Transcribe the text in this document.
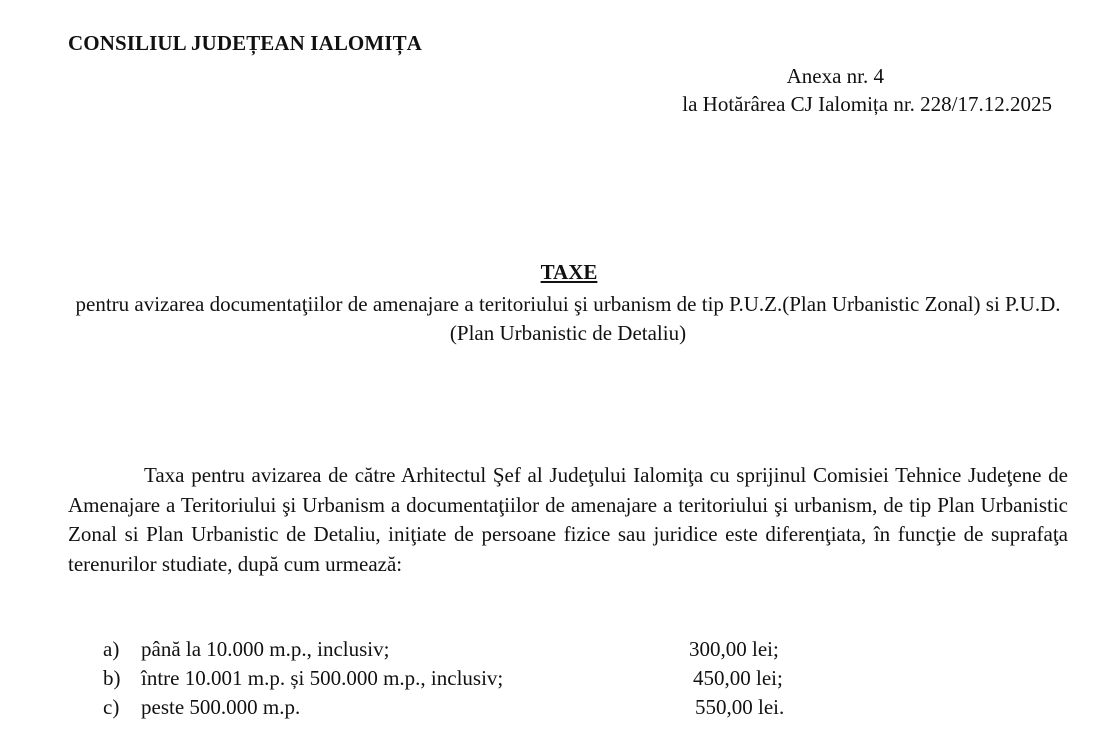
CONSILIUL JUDEȚEAN IALOMIȚA
Anexa nr. 4
la Hotărârea CJ Ialomița nr. 228/17.12.2025
TAXE
pentru avizarea documentaţiilor de amenajare a teritoriului şi urbanism de tip P.U.Z.(Plan Urbanistic Zonal) si P.U.D.(Plan Urbanistic de Detaliu)
Taxa pentru avizarea de către Arhitectul Şef al Judeţului Ialomiţa cu sprijinul Comisiei Tehnice Judeţene de Amenajare a Teritoriului şi Urbanism a documentaţiilor de amenajare a teritoriului şi urbanism, de tip Plan Urbanistic Zonal si Plan Urbanistic de Detaliu, iniţiate de persoane fizice sau juridice este diferenţiata, în funcţie de suprafaţa terenurilor studiate, după cum urmează:
a) până la 10.000 m.p., inclusiv;	300,00 lei;
b) între 10.001 m.p. și 500.000 m.p., inclusiv;	450,00 lei;
c) peste 500.000 m.p.	550,00 lei.
